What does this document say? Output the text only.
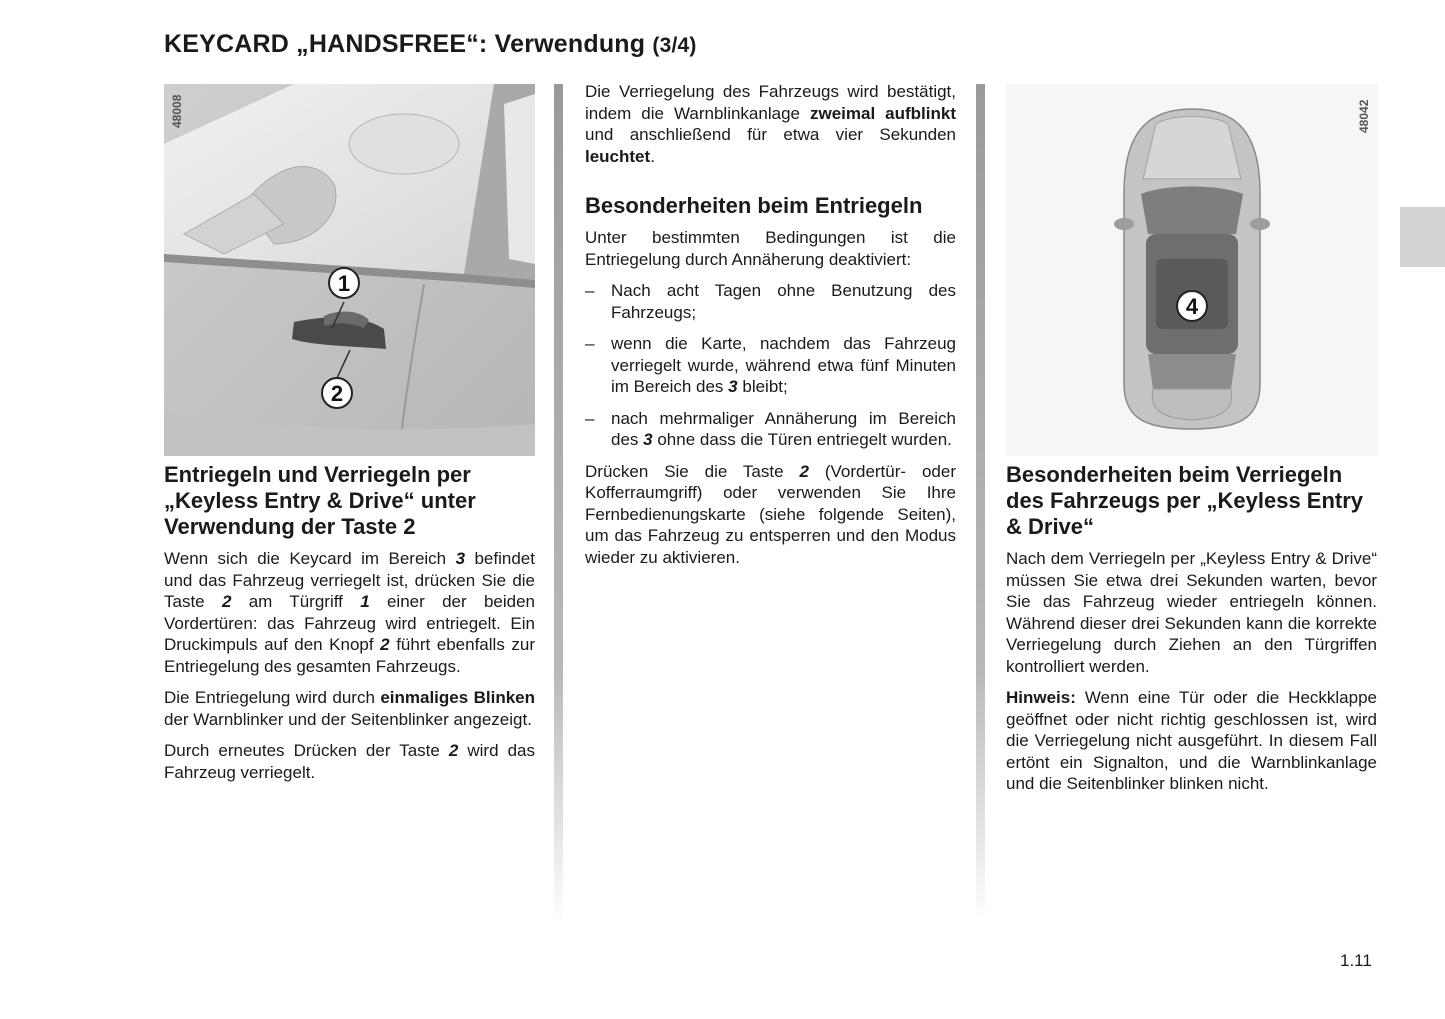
KEYCARD „HANDSFREE“: Verwendung (3/4)
1
2
48008
4
48042
Entriegeln und Verriegeln per „Keyless Entry & Drive“ unter Verwendung der Taste 2

Wenn sich die Keycard im Bereich 3 befindet und das Fahrzeug verriegelt ist, drücken Sie die Taste 2 am Türgriff 1 einer der beiden Vordertüren: das Fahrzeug wird entriegelt. Ein Druckimpuls auf den Knopf 2 führt ebenfalls zur Entriegelung des gesamten Fahrzeugs.

Die Entriegelung wird durch einmaliges Blinken der Warnblinker und der Seitenblinker angezeigt.

Durch erneutes Drücken der Taste 2 wird das Fahrzeug verriegelt.

Die Verriegelung des Fahrzeugs wird bestätigt, indem die Warnblinkanlage zweimal aufblinkt und anschließend für etwa vier Sekunden leuchtet.

Besonderheiten beim Entriegeln

Unter bestimmten Bedingungen ist die Entriegelung durch Annäherung deaktiviert:

– Nach acht Tagen ohne Benutzung des Fahrzeugs;
– wenn die Karte, nachdem das Fahrzeug verriegelt wurde, während etwa fünf Minuten im Bereich des 3 bleibt;
– nach mehrmaliger Annäherung im Bereich des 3 ohne dass die Türen entriegelt wurden.

Drücken Sie die Taste 2 (Vordertür- oder Kofferraumgriff) oder verwenden Sie Ihre Fernbedienungskarte (siehe folgende Seiten), um das Fahrzeug zu entsperren und den Modus wieder zu aktivieren.

Besonderheiten beim Verriegeln des Fahrzeugs per „Keyless Entry & Drive“

Nach dem Verriegeln per „Keyless Entry & Drive“ müssen Sie etwa drei Sekunden warten, bevor Sie das Fahrzeug wieder entriegeln können. Während dieser drei Sekunden kann die korrekte Verriegelung durch Ziehen an den Türgriffen kontrolliert werden.

Hinweis: Wenn eine Tür oder die Heckklappe geöffnet oder nicht richtig geschlossen ist, wird die Verriegelung nicht ausgeführt. In diesem Fall ertönt ein Signalton, und die Warnblinkanlage und die Seitenblinker blinken nicht.

1.11
